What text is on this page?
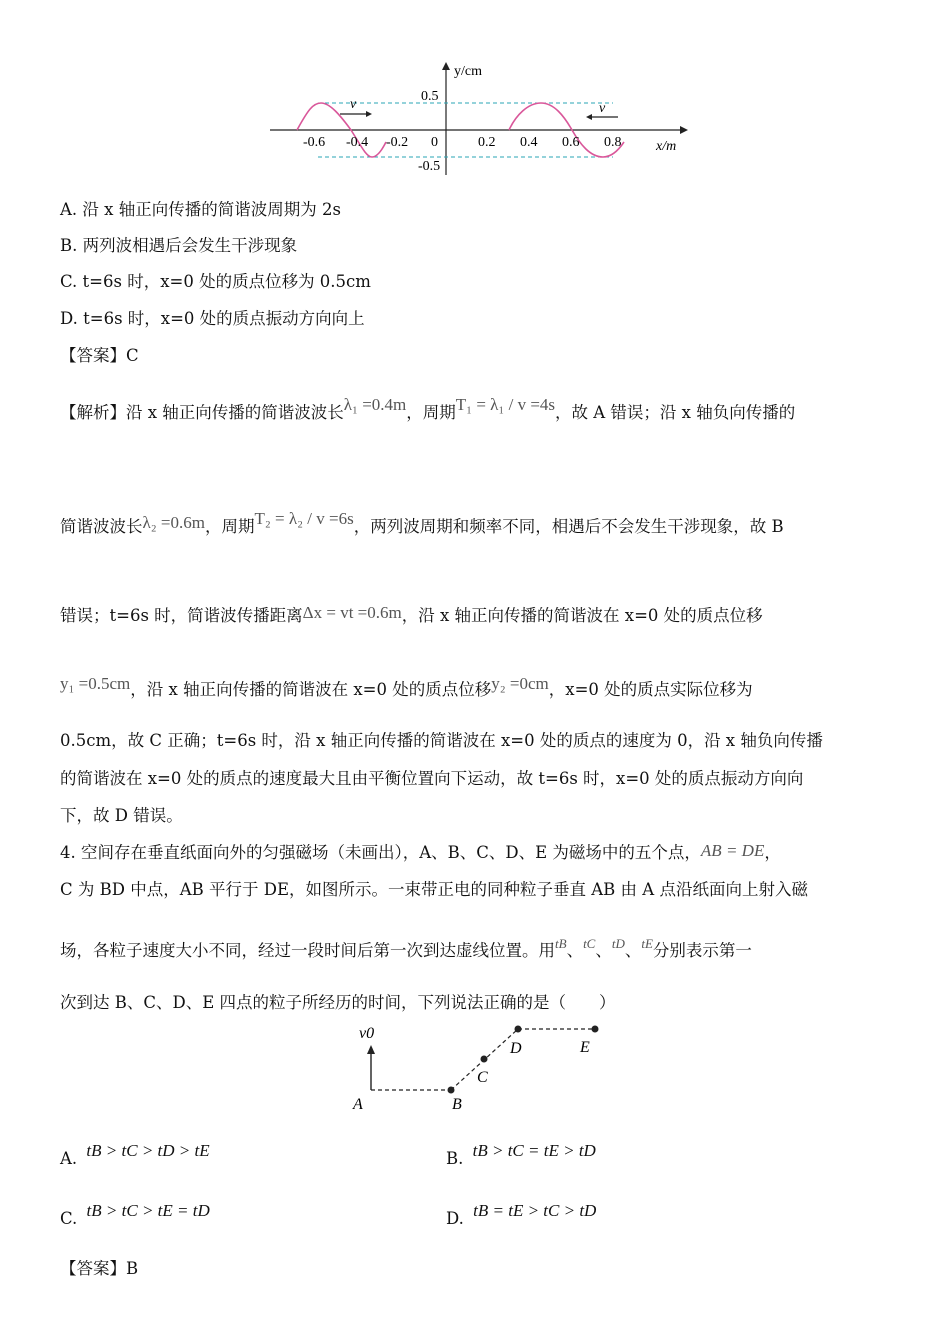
v	v
y/cm
x/m
0.5
-0.5
-0.6 -0.4 -0.2 0	0.2 0.4 0.6 0.8
A. 沿 x 轴正向传播的简谐波周期为 2s
B. 两列波相遇后会发生干涉现象
C. t=6s 时，x=0 处的质点位移为 0.5cm
D. t=6s 时，x=0 处的质点振动方向向上
【答案】C
【解析】沿 x 轴正向传播的简谐波波长λ₁ =0.4m，周期T₁ = λ₁ / v =4s，故 A 错误；沿 x 轴负向传播的
简谐波波长λ₂ =0.6m，周期T₂ = λ₂ / v =6s，两列波周期和频率不同，相遇后不会发生干涉现象，故 B
错误；t=6s 时，简谐波传播距离Δx = vt =0.6m，沿 x 轴正向传播的简谐波在 x=0 处的质点位移
y₁ =0.5cm，沿 x 轴正向传播的简谐波在 x=0 处的质点位移y₂ =0cm，x=0 处的质点实际位移为
0.5cm，故 C 正确；t=6s 时，沿 x 轴正向传播的简谐波在 x=0 处的质点的速度为 0，沿 x 轴负向传播
的简谐波在 x=0 处的质点的速度最大且由平衡位置向下运动，故 t=6s 时，x=0 处的质点振动方向向
下，故 D 错误。
4. 空间存在垂直纸面向外的匀强磁场（未画出），A、B、C、D、E 为磁场中的五个点，AB = DE，
C 为 BD 中点，AB 平行于 DE，如图所示。一束带正电的同种粒子垂直 AB 由 A 点沿纸面向上射入磁
场，各粒子速度大小不同，经过一段时间后第一次到达虚线位置。用$^{tB}$、$^{tC}$、$^{tD}$、$^{tE}$分别表示第一
次到达 B、C、D、E 四点的粒子所经历的时间，下列说法正确的是（　　）
v0
A	B
C
D	E
A. tB > tC > tD > tE	B. tB > tC = tE > tD
C. tB > tC > tE = tD	D. tB = tE > tC > tD
【答案】B
